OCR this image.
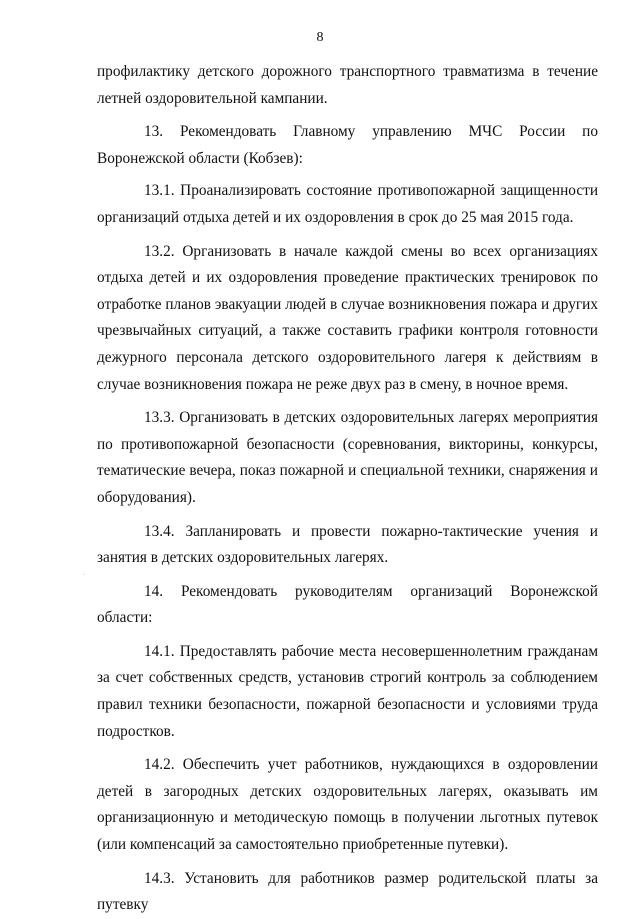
8

профилактику детского дорожного транспортного травматизма в течение летней оздоровительной кампании.

13. Рекомендовать Главному управлению МЧС России по Воронежской области (Кобзев):

13.1. Проанализировать состояние противопожарной защищенности организаций отдыха детей и их оздоровления в срок до 25 мая 2015 года.

13.2. Организовать в начале каждой смены во всех организациях отдыха детей и их оздоровления проведение практических тренировок по отработке планов эвакуации людей в случае возникновения пожара и других чрезвычайных ситуаций, а также составить графики контроля готовности дежурного персонала детского оздоровительного лагеря к действиям в случае возникновения пожара не реже двух раз в смену, в ночное время.

13.3. Организовать в детских оздоровительных лагерях мероприятия по противопожарной безопасности (соревнования, викторины, конкурсы, тематические вечера, показ пожарной и специальной техники, снаряжения и оборудования).

13.4. Запланировать и провести пожарно-тактические учения и занятия в детских оздоровительных лагерях.

14. Рекомендовать руководителям организаций Воронежской области:

14.1. Предоставлять рабочие места несовершеннолетним гражданам за счет собственных средств, установив строгий контроль за соблюдением правил техники безопасности, пожарной безопасности и условиями труда подростков.

14.2. Обеспечить учет работников, нуждающихся в оздоровлении детей в загородных детских оздоровительных лагерях, оказывать им организационную и методическую помощь в получении льготных путевок (или компенсаций за самостоятельно приобретенные путевки).

14.3. Установить для работников размер родительской платы за путевку

·
